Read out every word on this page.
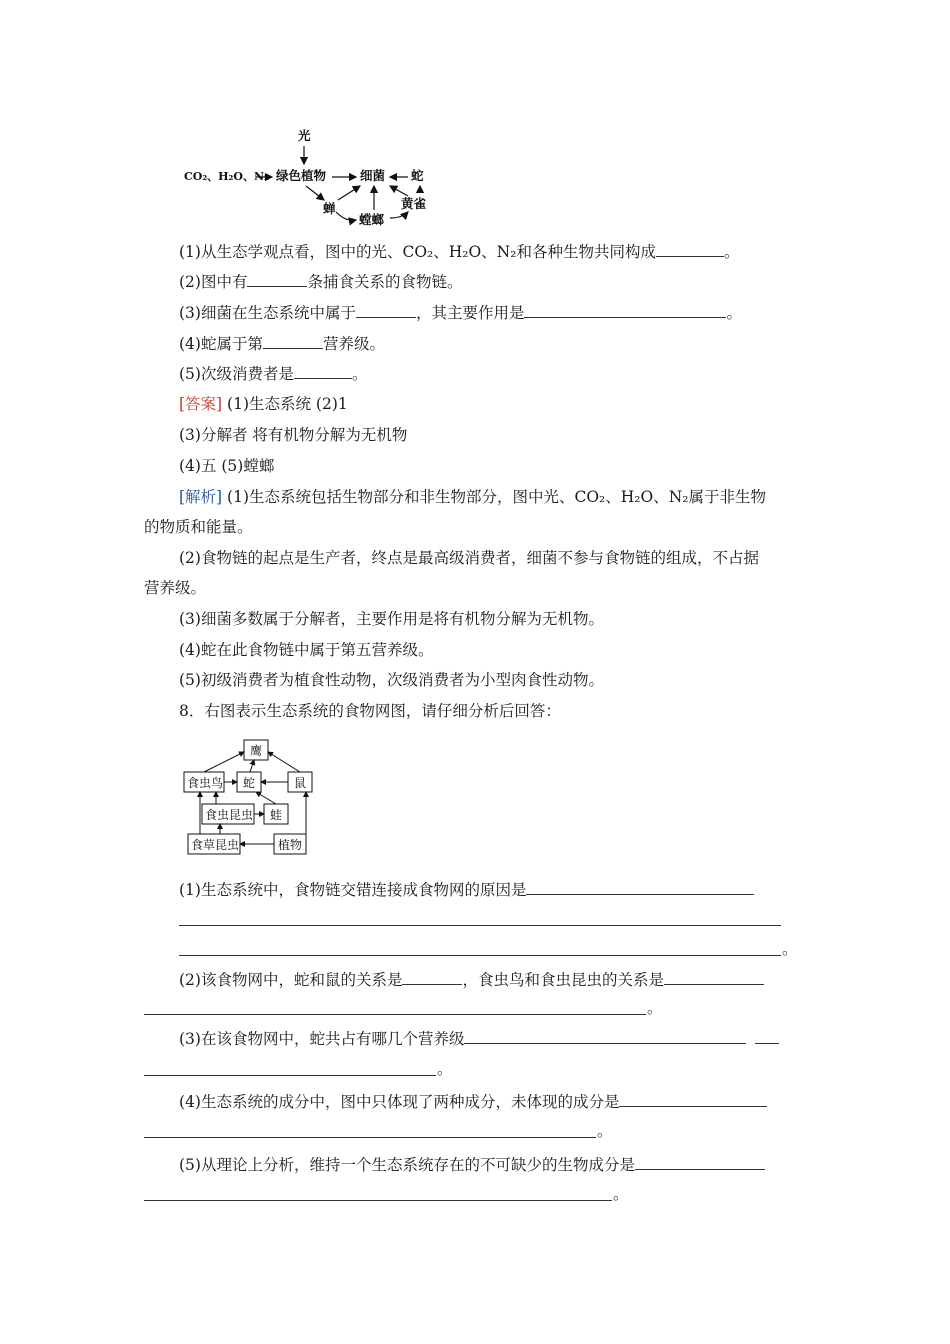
光
CO₂、H₂O、N₂ 绿色植物	细菌 蛇
蝉
螳螂
黄雀
(1)从生态学观点看，图中的光、CO₂、H₂O、N₂和各种生物共同构成	。
(2)图中有	条捕食关系的食物链。
(3)细菌在生态系统中属于	，其主要作用是	。
(4)蛇属于第	营养级。
(5)次级消费者是	。
[答案] (1)生态系统 (2)1
(3)分解者 将有机物分解为无机物
(4)五 (5)螳螂
[解析] (1)生态系统包括生物部分和非生物部分，图中光、CO₂、H₂O、N₂属于非生物
的物质和能量。
(2)食物链的起点是生产者，终点是最高级消费者，细菌不参与食物链的组成，不占据
营养级。
(3)细菌多数属于分解者，主要作用是将有机物分解为无机物。
(4)蛇在此食物链中属于第五营养级。
(5)初级消费者为植食性动物，次级消费者为小型肉食性动物。
8．右图表示生态系统的食物网图，请仔细分析后回答：
鹰
食虫鸟 蛇	鼠
食虫昆虫 蛙
食草昆虫	植物
(1)生态系统中，食物链交错连接成食物网的原因是
。
(2)该食物网中，蛇和鼠的关系是	，食虫鸟和食虫昆虫的关系是
。
(3)在该食物网中，蛇共占有哪几个营养级
。
(4)生态系统的成分中，图中只体现了两种成分，未体现的成分是
。
(5)从理论上分析，维持一个生态系统存在的不可缺少的生物成分是
。
